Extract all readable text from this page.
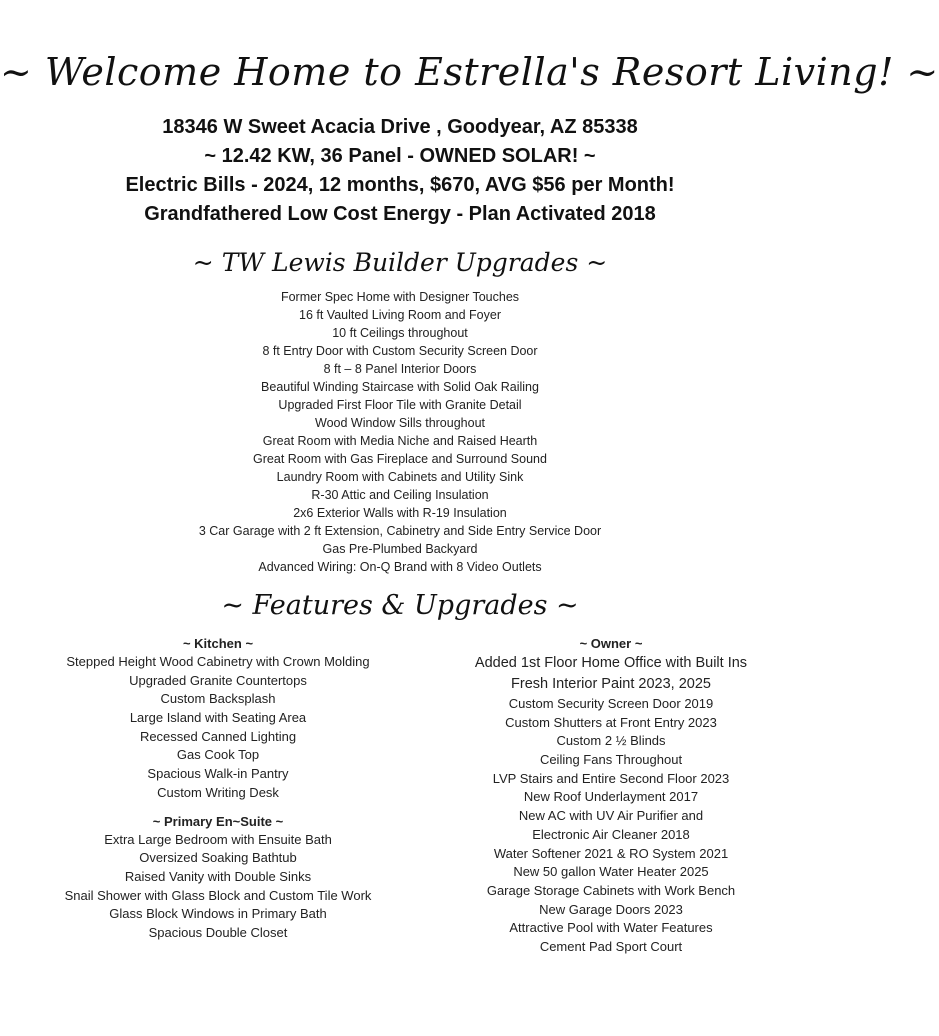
~ Welcome Home to Estrella's Resort Living! ~
18346 W Sweet Acacia Drive , Goodyear, AZ 85338
~ 12.42 KW, 36 Panel - OWNED SOLAR! ~
Electric Bills - 2024, 12 months, $670, AVG $56 per Month!
Grandfathered Low Cost Energy - Plan Activated 2018
~ TW Lewis Builder Upgrades ~
Former Spec Home with Designer Touches
16 ft Vaulted Living Room and Foyer
10 ft Ceilings throughout
8 ft Entry Door with Custom Security Screen Door
8 ft – 8 Panel Interior Doors
Beautiful Winding Staircase with Solid Oak Railing
Upgraded First Floor Tile with Granite Detail
Wood Window Sills throughout
Great Room with Media Niche and Raised Hearth
Great Room with Gas Fireplace and Surround Sound
Laundry Room with Cabinets and Utility Sink
R-30 Attic and Ceiling Insulation
2x6 Exterior Walls with R-19 Insulation
3 Car Garage with 2 ft Extension, Cabinetry and Side Entry Service Door
Gas Pre-Plumbed Backyard
Advanced Wiring: On-Q Brand with 8 Video Outlets
~ Features & Upgrades ~
~ Kitchen ~
Stepped Height Wood Cabinetry with Crown Molding
Upgraded Granite Countertops
Custom Backsplash
Large Island with Seating Area
Recessed Canned Lighting
Gas Cook Top
Spacious Walk-in Pantry
Custom Writing Desk
~ Primary En~Suite ~
Extra Large Bedroom with Ensuite Bath
Oversized Soaking Bathtub
Raised Vanity with Double Sinks
Snail Shower with Glass Block and Custom Tile Work
Glass Block Windows in Primary Bath
Spacious Double Closet
~ Owner ~
Added 1st Floor Home Office with Built Ins
Fresh Interior Paint 2023, 2025
Custom Security Screen Door 2019
Custom Shutters at Front Entry 2023
Custom 2 ½ Blinds
Ceiling Fans Throughout
LVP Stairs and Entire Second Floor 2023
New Roof Underlayment 2017
New AC with UV Air Purifier and
Electronic Air Cleaner 2018
Water Softener 2021 & RO System 2021
New 50 gallon Water Heater 2025
Garage Storage Cabinets with Work Bench
New Garage Doors 2023
Attractive Pool with Water Features
Cement Pad Sport Court
